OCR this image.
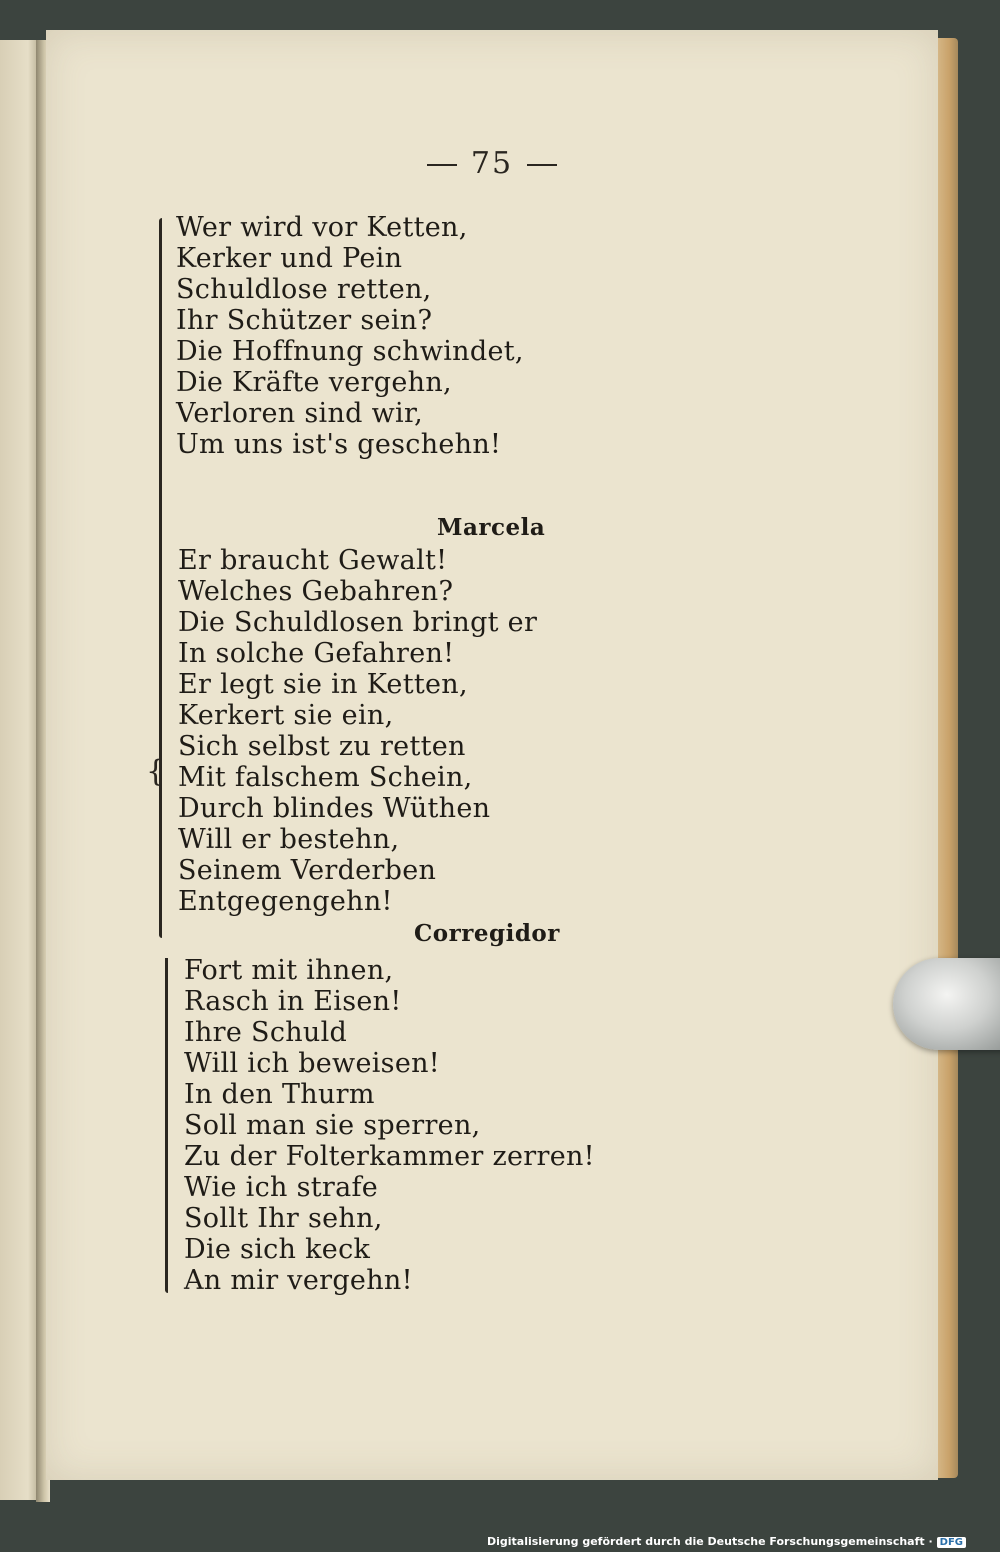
75
{
Wer wird vor Ketten,
Kerker und Pein
Schuldlose retten,
Ihr Schützer sein?
Die Hoffnung schwindet,
Die Kräfte vergehn,
Verloren sind wir,
Um uns ist's geschehn!
Marcela
Er braucht Gewalt!
Welches Gebahren?
Die Schuldlosen bringt er
In solche Gefahren!
Er legt sie in Ketten,
Kerkert sie ein,
Sich selbst zu retten
Mit falschem Schein,
Durch blindes Wüthen
Will er bestehn,
Seinem Verderben
Entgegengehn!
Corregidor
Fort mit ihnen,
Rasch in Eisen!
Ihre Schuld
Will ich beweisen!
In den Thurm
Soll man sie sperren,
Zu der Folterkammer zerren!
Wie ich strafe
Sollt Ihr sehn,
Die sich keck
An mir vergehn!
Digitalisierung gefördert durch die Deutsche Forschungsgemeinschaft · DFG
